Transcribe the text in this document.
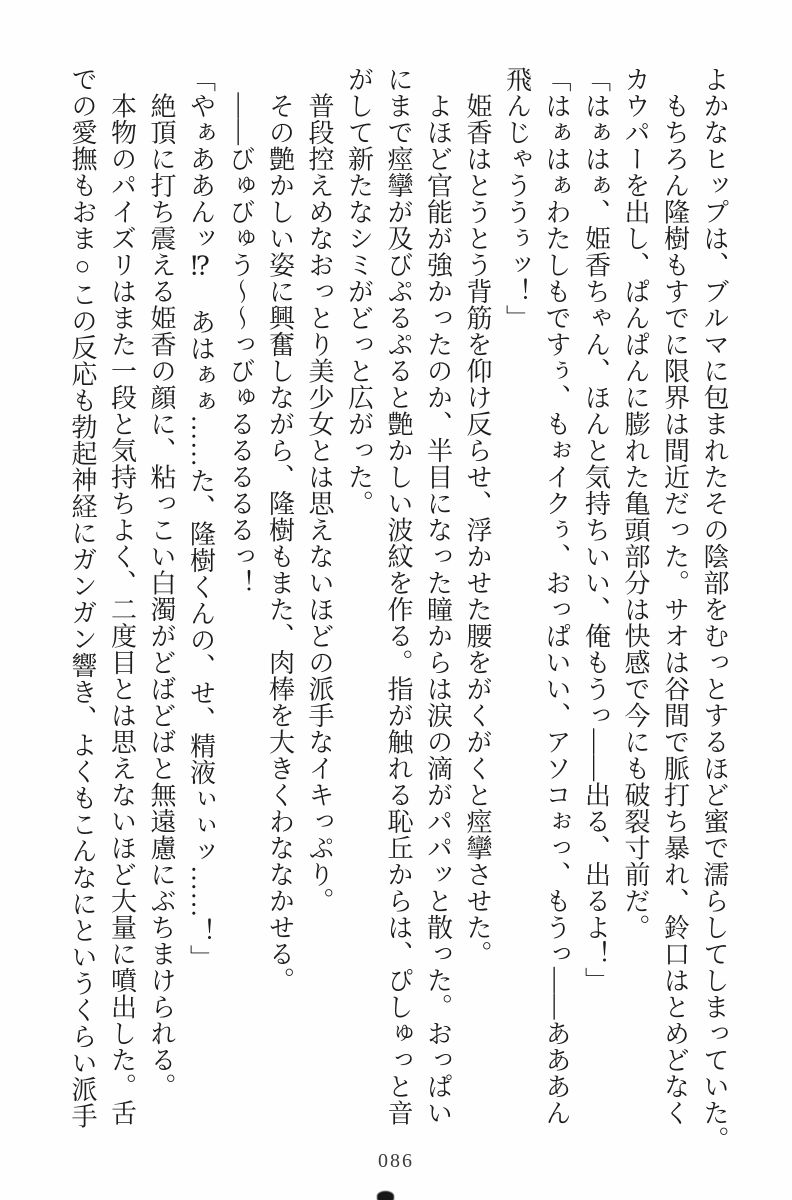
よかなヒップは、ブルマに包まれたその陰部をむっとするほど蜜で濡らしてしまっていた。

　もちろん隆樹もすでに限界は間近だった。サオは谷間で脈打ち暴れ、鈴口はとめどなく

カウパーを出し、ぱんぱんに膨れた亀頭部分は快感で今にも破裂寸前だ。

「はぁはぁ、姫香ちゃん、ほんと気持ちいい、俺もうっ――出る、出るよ！」

「はぁはぁわたしもですぅ、もぉイクぅ、おっぱいい、アソコぉっ、もうっ――あああん

飛んじゃううぅッ！」

　姫香はとうとう背筋を仰け反らせ、浮かせた腰をがくがくと痙攣させた。

　よほど官能が強かったのか、半目になった瞳からは涙の滴がパパッと散った。おっぱい

にまで痙攣が及びぷるぷると艶かしい波紋を作る。指が触れる恥丘からは、ぴしゅっと音

がして新たなシミがどっと広がった。

　普段控えめなおっとり美少女とは思えないほどの派手なイキっぷり。

　その艶かしい姿に興奮しながら、隆樹もまた、肉棒を大きくわななかせる。

　――びゅびゅう～～っびゅるるるるるっ！

「やぁああんッ⁉　あはぁぁ……た、隆樹くんの、せ、精液ぃぃッ……！」

　絶頂に打ち震える姫香の顔に、粘っこい白濁がどばどばと無遠慮にぶちまけられる。

　本物のパイズリはまた一段と気持ちよく、二度目とは思えないほど大量に噴出した。舌

での愛撫もおま○この反応も勃起神経にガンガン響き、よくもこんなにというくらい派手

086
